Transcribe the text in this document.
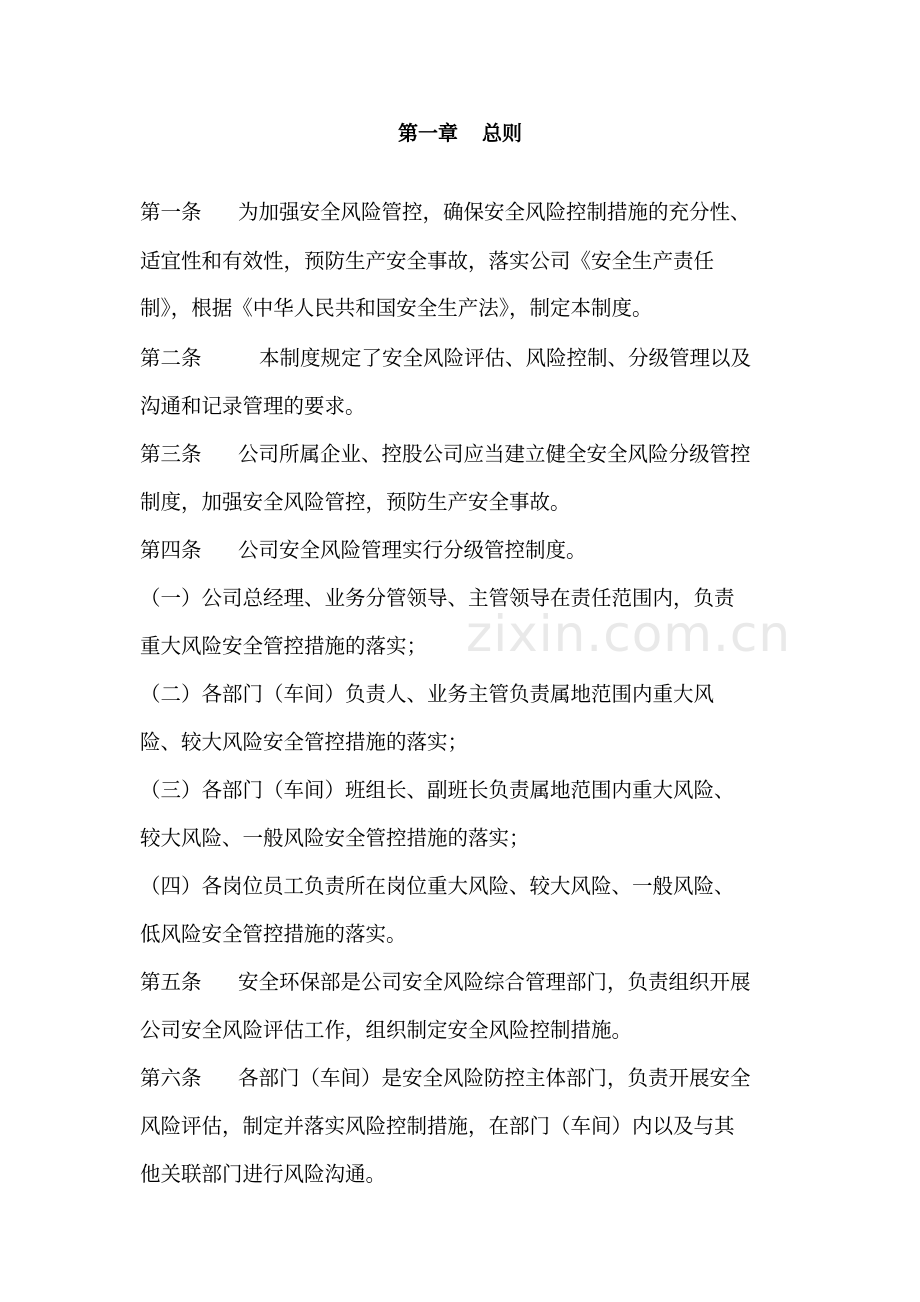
zixin.com.cn
第一章 总则
第一条 为加强安全风险管控，确保安全风险控制措施的充分性、
适宜性和有效性，预防生产安全事故，落实公司《安全生产责任
制》，根据《中华人民共和国安全生产法》，制定本制度。
第二条	本制度规定了安全风险评估、风险控制、分级管理以及
沟通和记录管理的要求。
第三条 公司所属企业、控股公司应当建立健全安全风险分级管控
制度，加强安全风险管控，预防生产安全事故。
第四条 公司安全风险管理实行分级管控制度。
（一）公司总经理、业务分管领导、主管领导在责任范围内，负责
重大风险安全管控措施的落实；
（二）各部门（车间）负责人、业务主管负责属地范围内重大风
险、较大风险安全管控措施的落实；
（三）各部门（车间）班组长、副班长负责属地范围内重大风险、
较大风险、一般风险安全管控措施的落实；
（四）各岗位员工负责所在岗位重大风险、较大风险、一般风险、
低风险安全管控措施的落实。
第五条 安全环保部是公司安全风险综合管理部门，负责组织开展
公司安全风险评估工作，组织制定安全风险控制措施。
第六条 各部门（车间）是安全风险防控主体部门，负责开展安全
风险评估，制定并落实风险控制措施，在部门（车间）内以及与其
他关联部门进行风险沟通。
